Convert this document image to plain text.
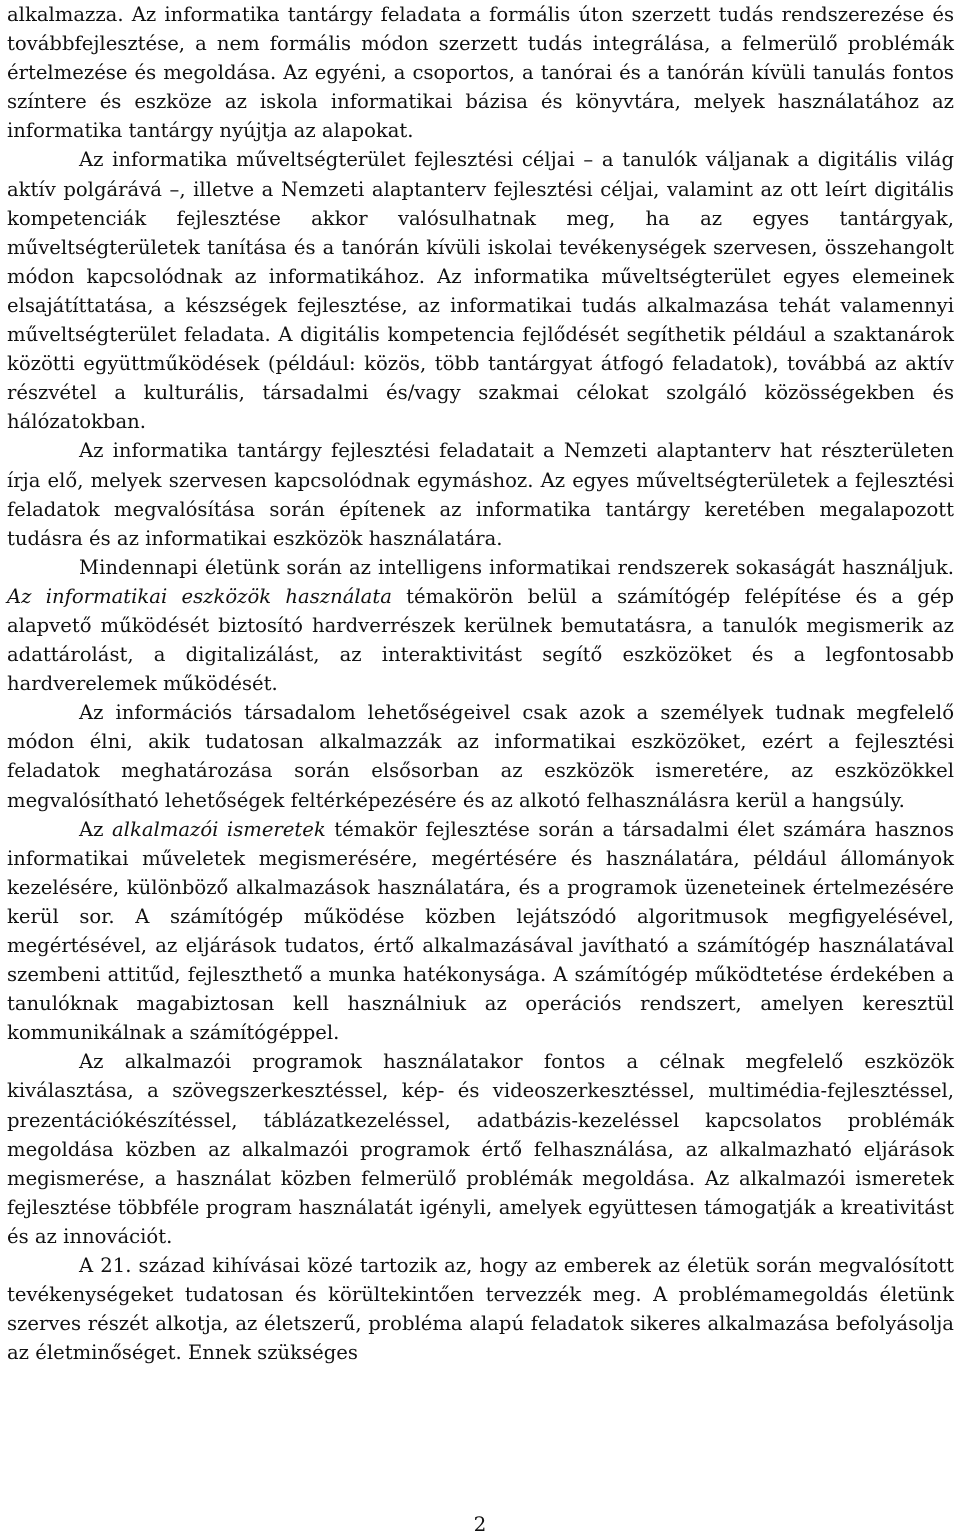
alkalmazza. Az informatika tantárgy feladata a formális úton szerzett tudás rendszerezése és továbbfejlesztése, a nem formális módon szerzett tudás integrálása, a felmerülő problémák értelmezése és megoldása. Az egyéni, a csoportos, a tanórai és a tanórán kívüli tanulás fontos színtere és eszköze az iskola informatikai bázisa és könyvtára, melyek használatához az informatika tantárgy nyújtja az alapokat.

Az informatika műveltségterület fejlesztési céljai – a tanulók váljanak a digitális világ aktív polgárává –, illetve a Nemzeti alaptanterv fejlesztési céljai, valamint az ott leírt digitális kompetenciák fejlesztése akkor valósulhatnak meg, ha az egyes tantárgyak, műveltségterületek tanítása és a tanórán kívüli iskolai tevékenységek szervesen, összehangolt módon kapcsolódnak az informatikához. Az informatika műveltségterület egyes elemeinek elsajátíttatása, a készségek fejlesztése, az informatikai tudás alkalmazása tehát valamennyi műveltségterület feladata. A digitális kompetencia fejlődését segíthetik például a szaktanárok közötti együttműködések (például: közös, több tantárgyat átfogó feladatok), továbbá az aktív részvétel a kulturális, társadalmi és/vagy szakmai célokat szolgáló közösségekben és hálózatokban.

Az informatika tantárgy fejlesztési feladatait a Nemzeti alaptanterv hat részterületen írja elő, melyek szervesen kapcsolódnak egymáshoz. Az egyes műveltségterületek a fejlesztési feladatok megvalósítása során építenek az informatika tantárgy keretében megalapozott tudásra és az informatikai eszközök használatára.

Mindennapi életünk során az intelligens informatikai rendszerek sokaságát használjuk. Az informatikai eszközök használata témakörön belül a számítógép felépítése és a gép alapvető működését biztosító hardverrészek kerülnek bemutatásra, a tanulók megismerik az adattárolást, a digitalizálást, az interaktivitást segítő eszközöket és a legfontosabb hardverelemek működését.

Az információs társadalom lehetőségeivel csak azok a személyek tudnak megfelelő módon élni, akik tudatosan alkalmazzák az informatikai eszközöket, ezért a fejlesztési feladatok meghatározása során elsősorban az eszközök ismeretére, az eszközökkel megvalósítható lehetőségek feltérképezésére és az alkotó felhasználásra kerül a hangsúly.

Az alkalmazói ismeretek témakör fejlesztése során a társadalmi élet számára hasznos informatikai műveletek megismerésére, megértésére és használatára, például állományok kezelésére, különböző alkalmazások használatára, és a programok üzeneteinek értelmezésére kerül sor. A számítógép működése közben lejátszódó algoritmusok megfigyelésével, megértésével, az eljárások tudatos, értő alkalmazásával javítható a számítógép használatával szembeni attitűd, fejleszthető a munka hatékonysága. A számítógép működtetése érdekében a tanulóknak magabiztosan kell használniuk az operációs rendszert, amelyen keresztül kommunikálnak a számítógéppel.

Az alkalmazói programok használatakor fontos a célnak megfelelő eszközök kiválasztása, a szövegszerkesztéssel, kép- és videoszerkesztéssel, multimédia-fejlesztéssel, prezentációkészítéssel, táblázatkezeléssel, adatbázis-kezeléssel kapcsolatos problémák megoldása közben az alkalmazói programok értő felhasználása, az alkalmazható eljárások megismerése, a használat közben felmerülő problémák megoldása. Az alkalmazói ismeretek fejlesztése többféle program használatát igényli, amelyek együttesen támogatják a kreativitást és az innovációt.

A 21. század kihívásai közé tartozik az, hogy az emberek az életük során megvalósított tevékenységeket tudatosan és körültekintően tervezzék meg. A problémamegoldás életünk szerves részét alkotja, az életszerű, probléma alapú feladatok sikeres alkalmazása befolyásolja az életminőséget. Ennek szükséges

2
